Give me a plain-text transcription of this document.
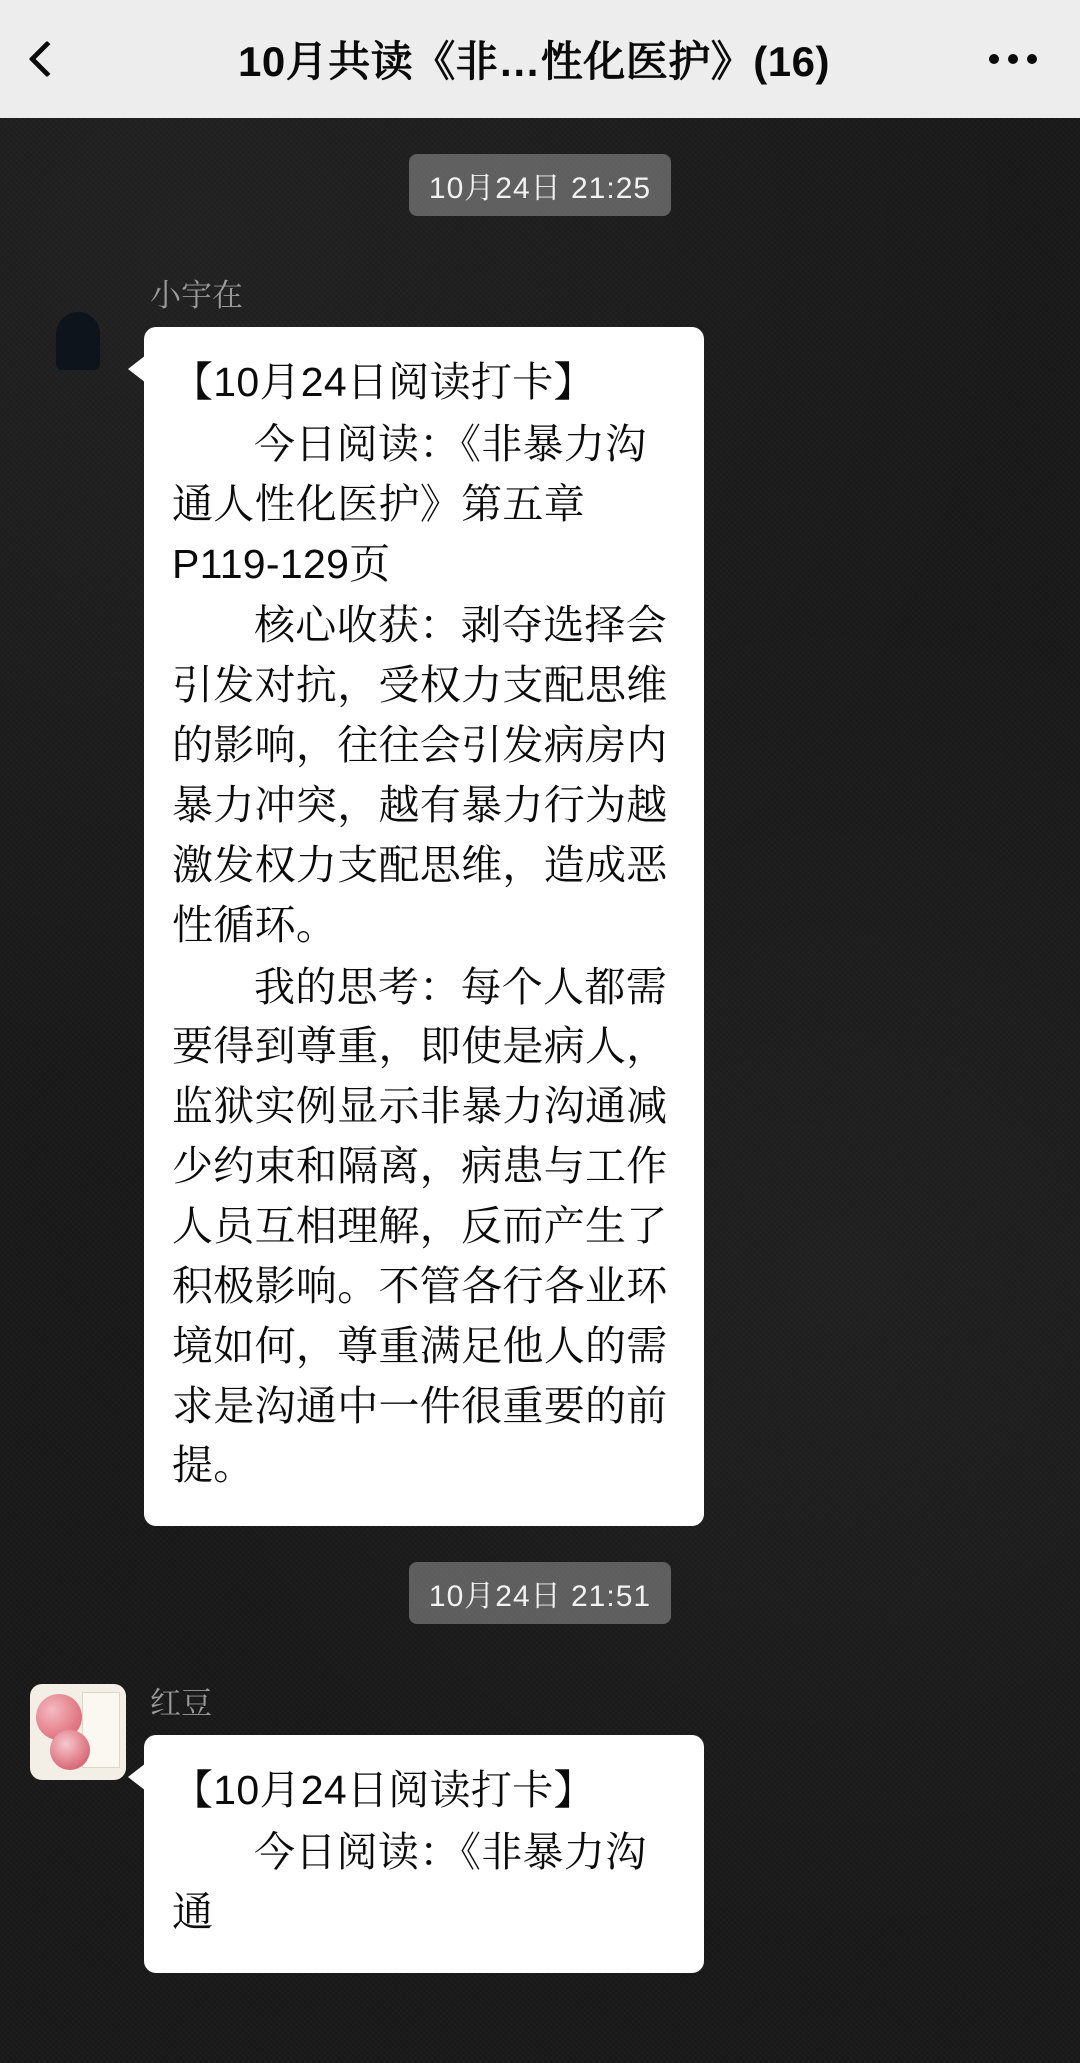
10月共读《非…性化医护》(16)
10月24日 21:25
小宇在

【10月24日阅读打卡】

今日阅读：《非暴力沟通人性化医护》第五章 P119-129页

核心收获：剥夺选择会引发对抗，受权力支配思维的影响，往往会引发病房内暴力冲突，越有暴力行为越激发权力支配思维，造成恶性循环。

我的思考：每个人都需要得到尊重，即使是病人，监狱实例显示非暴力沟通减少约束和隔离，病患与工作人员互相理解，反而产生了积极影响。不管各行各业环境如何，尊重满足他人的需求是沟通中一件很重要的前提。

10月24日 21:51
红豆

【10月24日阅读打卡】

今日阅读：《非暴力沟通
